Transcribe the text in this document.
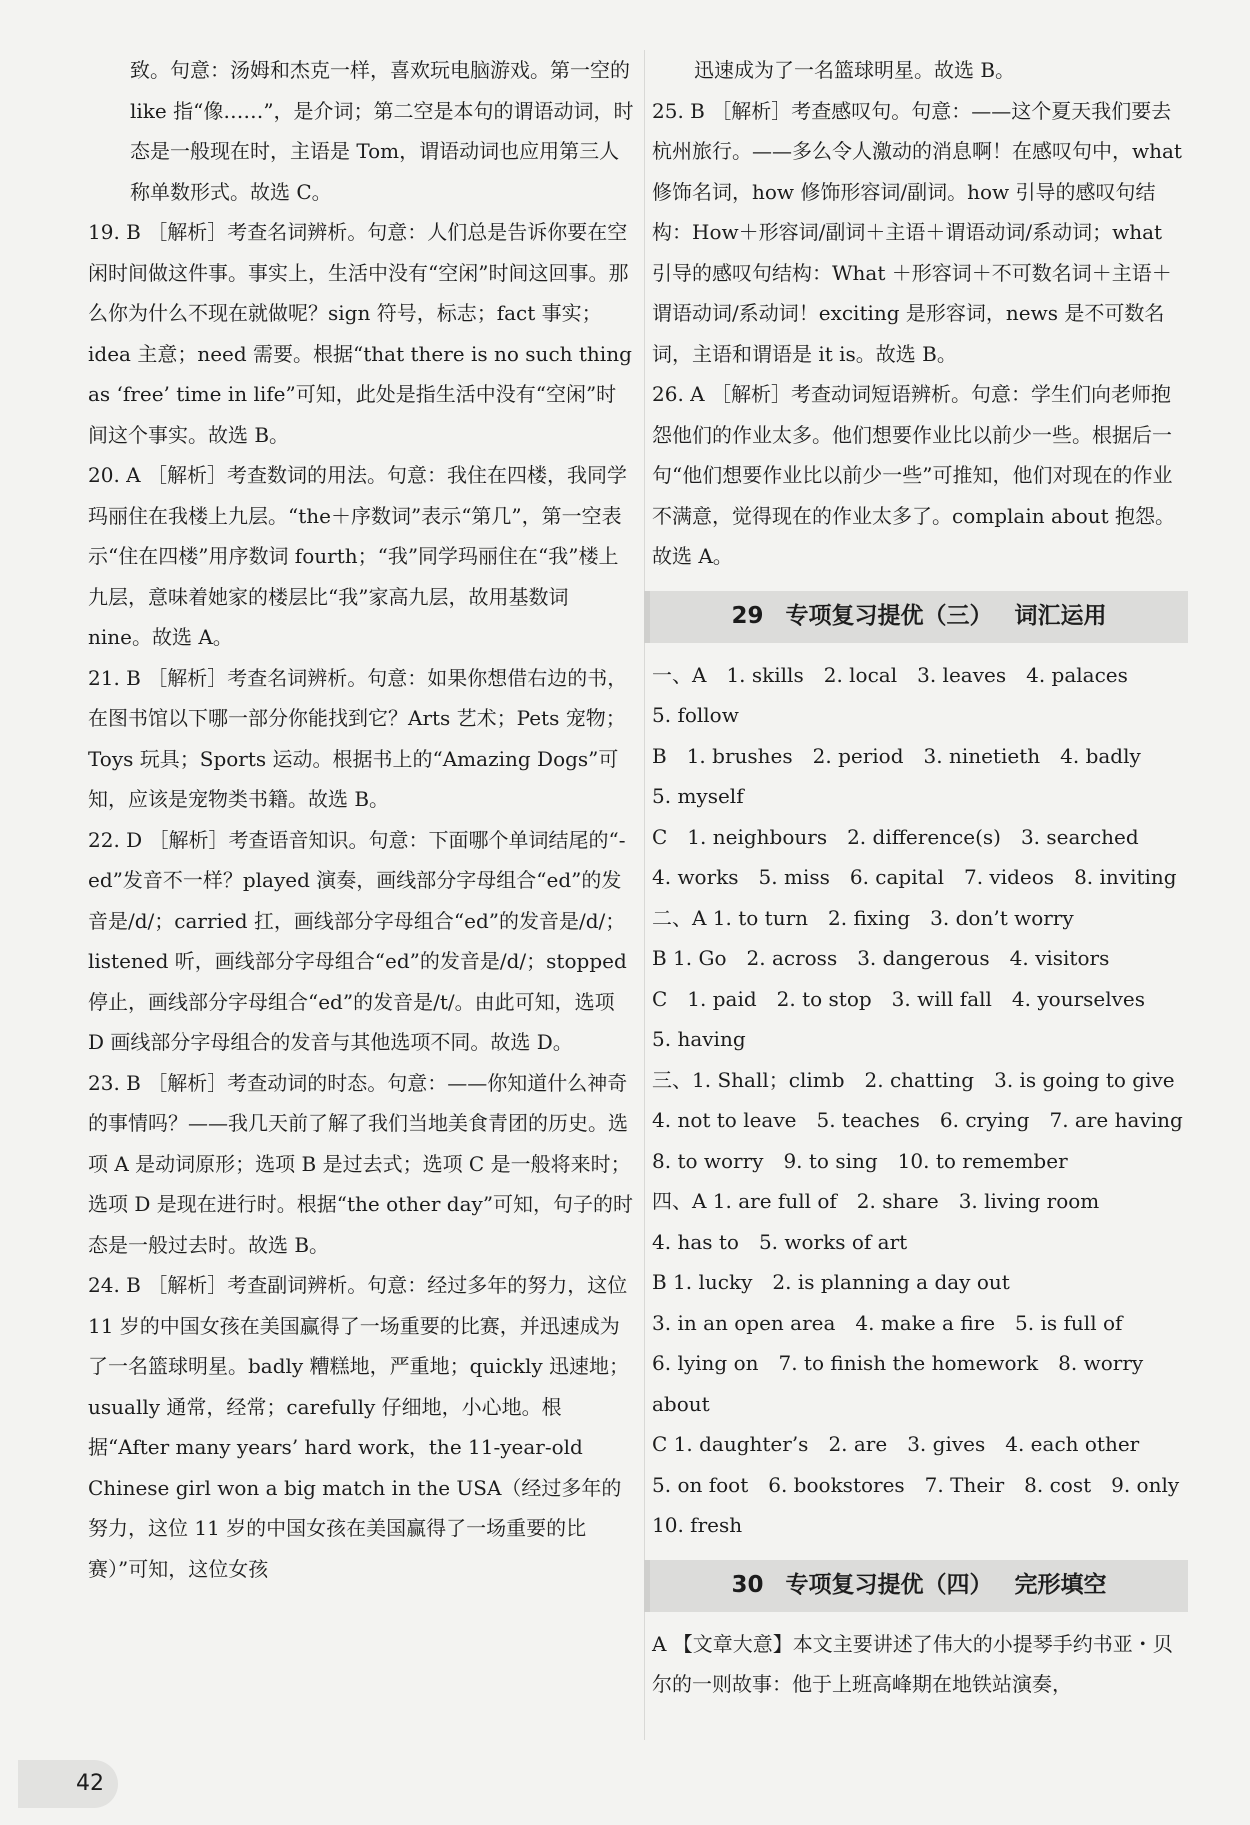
致。句意：汤姆和杰克一样，喜欢玩电脑游戏。第一空的 like 指“像……”，是介词；第二空是本句的谓语动词，时态是一般现在时，主语是 Tom，谓语动词也应用第三人称单数形式。故选 C。

19. B ［解析］考查名词辨析。句意：人们总是告诉你要在空闲时间做这件事。事实上，生活中没有“空闲”时间这回事。那么你为什么不现在就做呢？sign 符号，标志；fact 事实；idea 主意；need 需要。根据“that there is no such thing as ‘free’ time in life”可知，此处是指生活中没有“空闲”时间这个事实。故选 B。

20. A ［解析］考查数词的用法。句意：我住在四楼，我同学玛丽住在我楼上九层。“the＋序数词”表示“第几”，第一空表示“住在四楼”用序数词 fourth；“我”同学玛丽住在“我”楼上九层，意味着她家的楼层比“我”家高九层，故用基数词 nine。故选 A。

21. B ［解析］考查名词辨析。句意：如果你想借右边的书，在图书馆以下哪一部分你能找到它？Arts 艺术；Pets 宠物；Toys 玩具；Sports 运动。根据书上的“Amazing Dogs”可知，应该是宠物类书籍。故选 B。

22. D ［解析］考查语音知识。句意：下面哪个单词结尾的“-ed”发音不一样？played 演奏，画线部分字母组合“ed”的发音是/d/；carried 扛，画线部分字母组合“ed”的发音是/d/；listened 听，画线部分字母组合“ed”的发音是/d/；stopped 停止，画线部分字母组合“ed”的发音是/t/。由此可知，选项 D 画线部分字母组合的发音与其他选项不同。故选 D。

23. B ［解析］考查动词的时态。句意：——你知道什么神奇的事情吗？——我几天前了解了我们当地美食青团的历史。选项 A 是动词原形；选项 B 是过去式；选项 C 是一般将来时；选项 D 是现在进行时。根据“the other day”可知，句子的时态是一般过去时。故选 B。

24. B ［解析］考查副词辨析。句意：经过多年的努力，这位 11 岁的中国女孩在美国赢得了一场重要的比赛，并迅速成为了一名篮球明星。badly 糟糕地，严重地；quickly 迅速地；usually 通常，经常；carefully 仔细地，小心地。根据“After many years’ hard work，the 11-year-old Chinese girl won a big match in the USA（经过多年的努力，这位 11 岁的中国女孩在美国赢得了一场重要的比赛）”可知，这位女孩

迅速成为了一名篮球明星。故选 B。

25. B ［解析］考查感叹句。句意：——这个夏天我们要去杭州旅行。——多么令人激动的消息啊！在感叹句中，what 修饰名词，how 修饰形容词/副词。how 引导的感叹句结构：How＋形容词/副词＋主语＋谓语动词/系动词；what 引导的感叹句结构：What ＋形容词＋不可数名词＋主语＋谓语动词/系动词！exciting 是形容词，news 是不可数名词，主语和谓语是 it is。故选 B。

26. A ［解析］考查动词短语辨析。句意：学生们向老师抱怨他们的作业太多。他们想要作业比以前少一些。根据后一句“他们想要作业比以前少一些”可推知，他们对现在的作业不满意，觉得现在的作业太多了。complain about 抱怨。故选 A。

29 专项复习提优（三） 词汇运用
一、A　1. skills　2. local　3. leaves　4. palaces
5. follow
B　1. brushes　2. period　3. ninetieth　4. badly
5. myself
C　1. neighbours　2. difference(s)　3. searched
4. works　5. miss　6. capital　7. videos　8. inviting
二、A 1. to turn　2. fixing　3. don’t worry
B 1. Go　2. across　3. dangerous　4. visitors
C　1. paid　2. to stop　3. will fall　4. yourselves
5. having
三、1. Shall；climb　2. chatting　3. is going to give
4. not to leave　5. teaches　6. crying　7. are having
8. to worry　9. to sing　10. to remember
四、A 1. are full of　2. share　3. living room
4. has to　5. works of art
B 1. lucky　2. is planning a day out
3. in an open area　4. make a fire　5. is full of
6. lying on　7. to finish the homework　8. worry about
C 1. daughter’s　2. are　3. gives　4. each other
5. on foot　6. bookstores　7. Their　8. cost　9. only
10. fresh
30 专项复习提优（四） 完形填空

A 【文章大意】本文主要讲述了伟大的小提琴手约书亚・贝尔的一则故事：他于上班高峰期在地铁站演奏，

42
